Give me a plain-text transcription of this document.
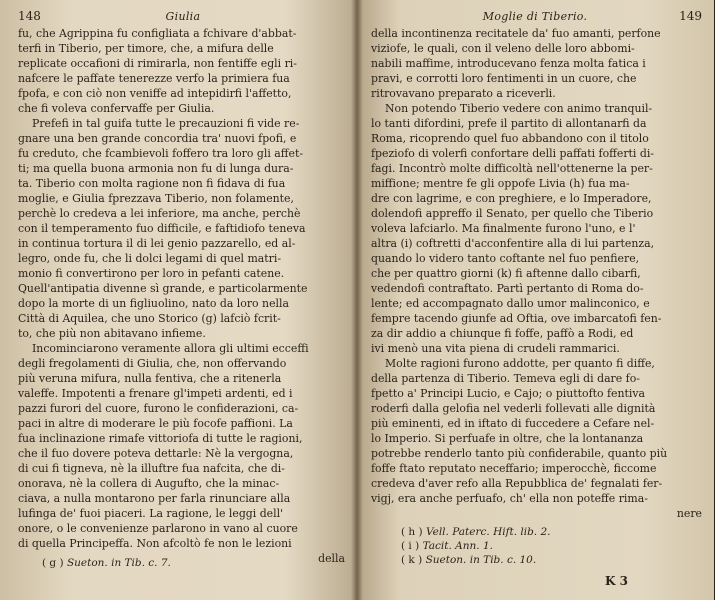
148	Giulia
fu, che Agrippina fu configliata a fchivare d'abbat-
terfi in Tiberio, per timore, che, a mifura delle
replicate occafioni di rimirarla, non fentiffe egli ri-
nafcere le paffate tenerezze verfo la primiera fua
fpofa, e con ciò non veniffe ad intepidirfi l'affetto,
che fi voleva confervaffe per Giulia.
Prefefi in tal guifa tutte le precauzioni fi vide re-
gnare una ben grande concordia tra' nuovi fpofi, e
fu creduto, che fcambievoli foffero tra loro gli affet-
ti; ma quella buona armonia non fu di lunga dura-
ta. Tiberio con molta ragione non fi fidava di fua
moglie, e Giulia fprezzava Tiberio, non folamente,
perchè lo credeva a lei inferiore, ma anche, perchè
con il temperamento fuo difficile, e faftidiofo teneva
in continua tortura il di lei genio pazzarello, ed al-
legro, onde fu, che li dolci legami di quel matri-
monio fi convertirono per loro in pefanti catene.
Quell'antipatia divenne sì grande, e particolarmente
dopo la morte di un figliuolino, nato da loro nella
Città di Aquilea, che uno Storico (g) lafciò fcrit-
to, che più non abitavano infieme.
Incominciarono veramente allora gli ultimi ecceffi
degli fregolamenti di Giulia, che, non offervando
più veruna mifura, nulla fentiva, che a ritenerla
valeffe. Impotenti a frenare gl'impeti ardenti, ed i
pazzi furori del cuore, furono le confiderazioni, ca-
paci in altre di moderare le più focofe paffioni. La
fua inclinazione rimafe vittoriofa di tutte le ragioni,
che il fuo dovere poteva dettarle: Nè la vergogna,
di cui fi tigneva, nè la illuftre fua nafcita, che di-
onorava, nè la collera di Augufto, che la minac-
ciava, a nulla montarono per farla rinunciare alla
lufinga de' fuoi piaceri. La ragione, le leggi dell'
onore, o le convenienze parlarono in vano al cuore
di quella Principeffa. Non afcoltò fe non le lezioni
della
( g ) Sueton. in Tib. c. 7.
Moglie di Tiberio.	149
della incontinenza recitatele da' fuo amanti, perfone
viziofe, le quali, con il veleno delle loro abbomi-
nabili maffime, introducevano fenza molta fatica i
pravi, e corrotti loro fentimenti in un cuore, che
ritrovavano preparato a riceverli.
Non potendo Tiberio vedere con animo tranquil-
lo tanti difordini, prefe il partito di allontanarfi da
Roma, ricoprendo quel fuo abbandono con il titolo
fpeziofo di volerfi confortare delli paffati fofferti di-
fagi. Incontrò molte difficoltà nell'ottenerne la per-
miffione; mentre fe gli oppofe Livia (h) fua ma-
dre con lagrime, e con preghiere, e lo Imperadore,
dolendofi appreffo il Senato, per quello che Tiberio
voleva lafciarlo. Ma finalmente furono l'uno, e l'
altra (i) coftretti d'acconfentire alla di lui partenza,
quando lo videro tanto coftante nel fuo penfiere,
che per quattro giorni (k) fi aftenne dallo cibarfi,
vedendofi contraftato. Partì pertanto di Roma do-
lente; ed accompagnato dallo umor malinconico, e
fempre tacendo giunfe ad Oftia, ove imbarcatofi fen-
za dir addio a chiunque fi foffe, paffò a Rodi, ed
ivi menò una vita piena di crudeli rammarici.
Molte ragioni furono addotte, per quanto fi diffe,
della partenza di Tiberio. Temeva egli di dare fo-
fpetto a' Principi Lucio, e Cajo; o piuttofto fentiva
roderfi dalla gelofia nel vederli follevati alle dignità
più eminenti, ed in iftato di fuccedere a Cefare nel-
lo Imperio. Si perfuafe in oltre, che la lontananza
potrebbe renderlo tanto più confiderabile, quanto più
foffe ftato reputato neceffario; imperocchè, ficcome
credeva d'aver refo alla Repubblica de' fegnalati fer-
vigj, era anche perfuafo, ch' ella non poteffe rima-
nere
( h ) Vell. Paterc. Hift. lib. 2.
( i ) Tacit. Ann. 1.
( k ) Sueton. in Tib. c. 10.
K 3
